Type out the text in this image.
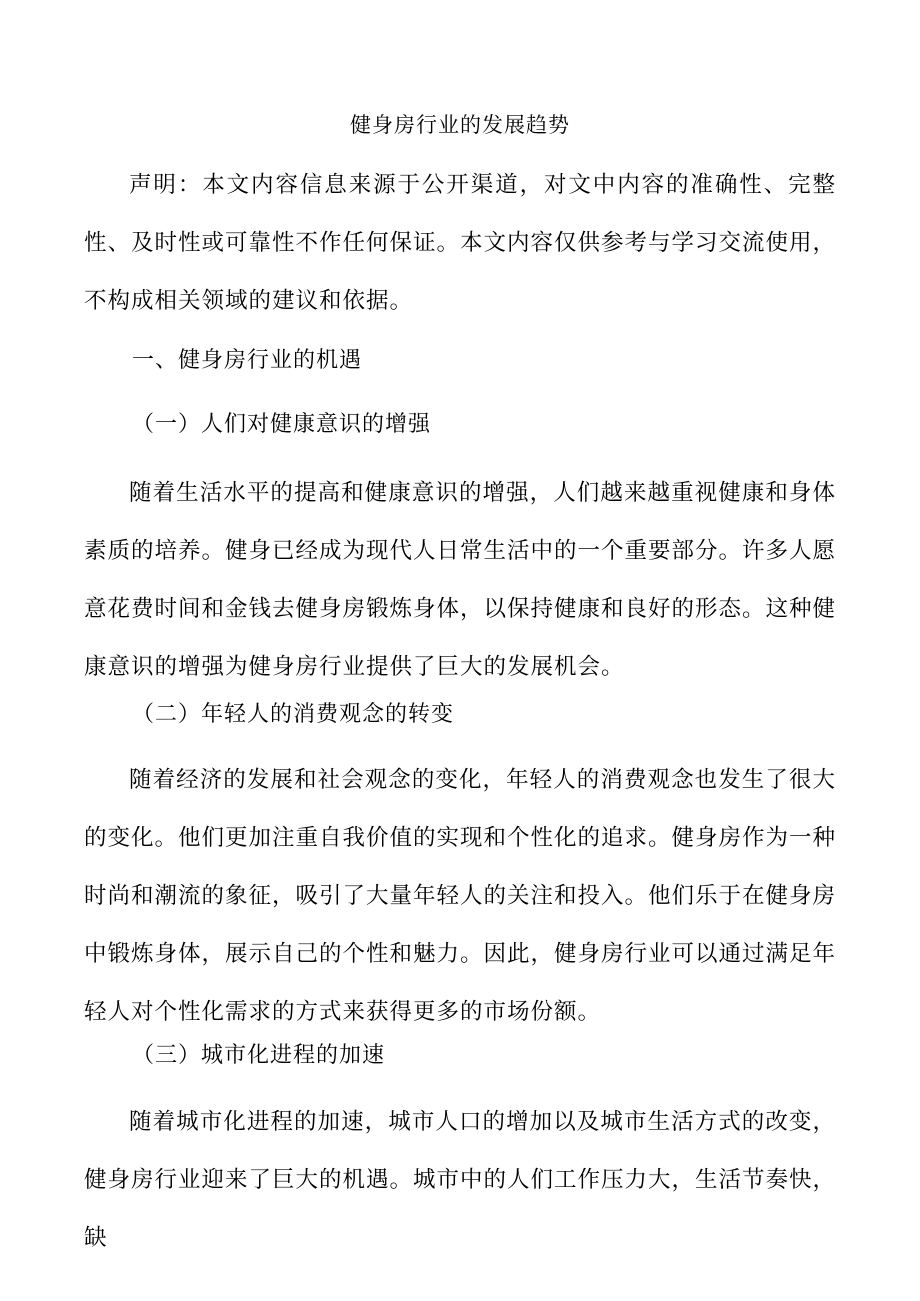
健身房行业的发展趋势

声明：本文内容信息来源于公开渠道，对文中内容的准确性、完整性、及时性或可靠性不作任何保证。本文内容仅供参考与学习交流使用，不构成相关领域的建议和依据。

一、健身房行业的机遇

（一）人们对健康意识的增强

随着生活水平的提高和健康意识的增强，人们越来越重视健康和身体素质的培养。健身已经成为现代人日常生活中的一个重要部分。许多人愿意花费时间和金钱去健身房锻炼身体，以保持健康和良好的形态。这种健康意识的增强为健身房行业提供了巨大的发展机会。

（二）年轻人的消费观念的转变

随着经济的发展和社会观念的变化，年轻人的消费观念也发生了很大的变化。他们更加注重自我价值的实现和个性化的追求。健身房作为一种时尚和潮流的象征，吸引了大量年轻人的关注和投入。他们乐于在健身房中锻炼身体，展示自己的个性和魅力。因此，健身房行业可以通过满足年轻人对个性化需求的方式来获得更多的市场份额。

（三）城市化进程的加速

随着城市化进程的加速，城市人口的增加以及城市生活方式的改变，健身房行业迎来了巨大的机遇。城市中的人们工作压力大，生活节奏快，缺
